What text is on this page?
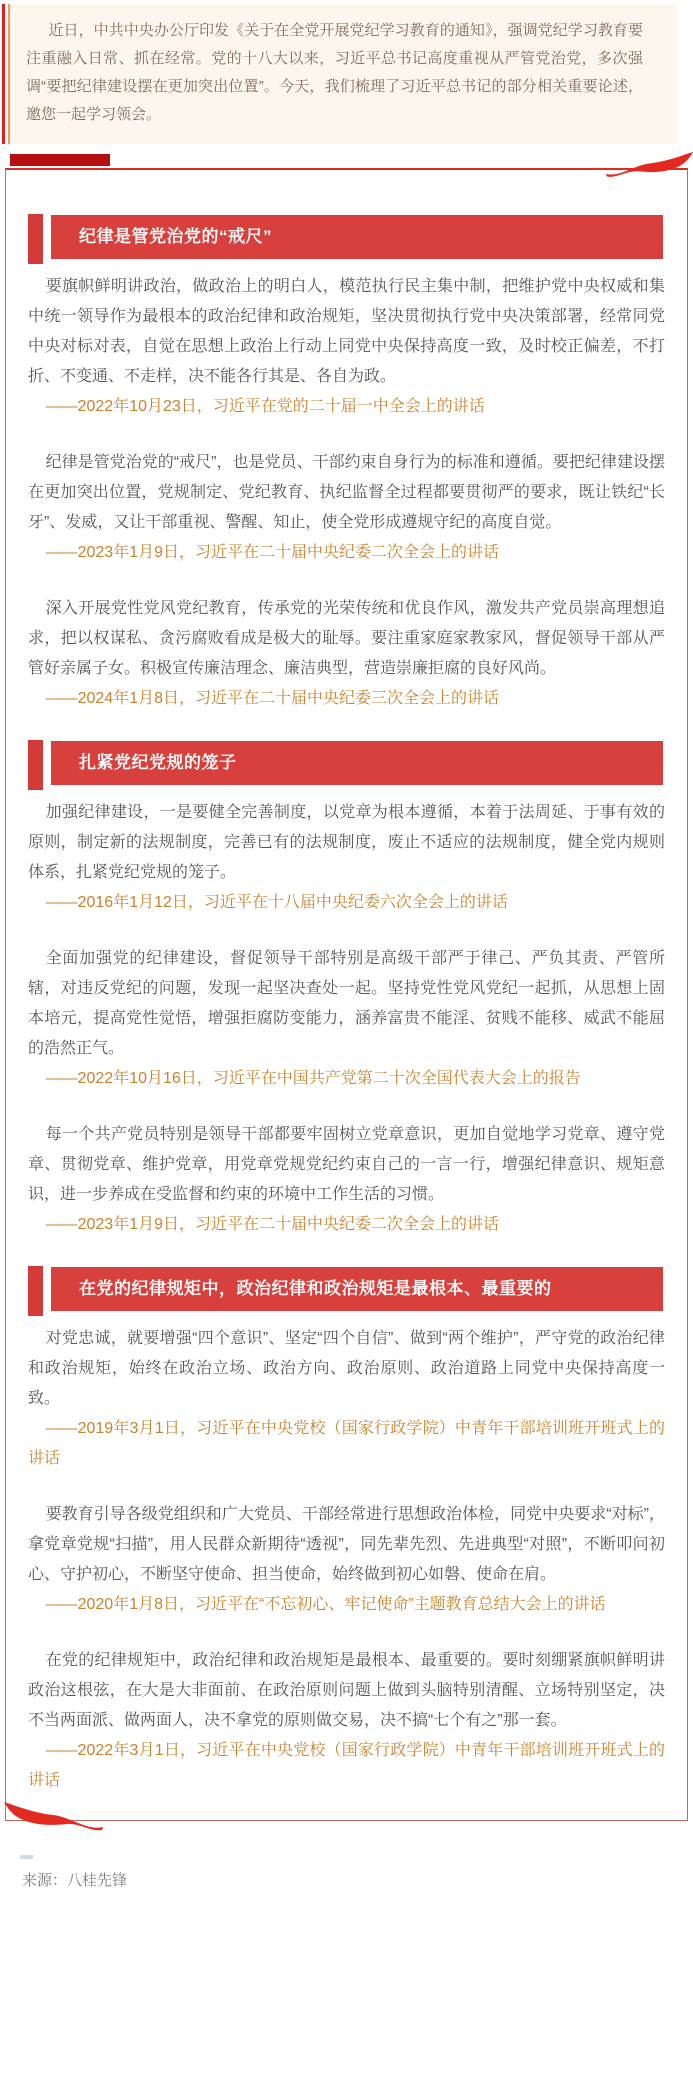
近日，中共中央办公厅印发《关于在全党开展党纪学习教育的通知》，强调党纪学习教育要注重融入日常、抓在经常。党的十八大以来，习近平总书记高度重视从严管党治党，多次强调“要把纪律建设摆在更加突出位置”。今天，我们梳理了习近平总书记的部分相关重要论述，邀您一起学习领会。

纪律是管党治党的“戒尺”

要旗帜鲜明讲政治，做政治上的明白人，模范执行民主集中制，把维护党中央权威和集中统一领导作为最根本的政治纪律和政治规矩，坚决贯彻执行党中央决策部署，经常同党中央对标对表，自觉在思想上政治上行动上同党中央保持高度一致，及时校正偏差，不打折、不变通、不走样，决不能各行其是、各自为政。

——2022年10月23日，习近平在党的二十届一中全会上的讲话

纪律是管党治党的“戒尺”，也是党员、干部约束自身行为的标准和遵循。要把纪律建设摆在更加突出位置，党规制定、党纪教育、执纪监督全过程都要贯彻严的要求，既让铁纪“长牙”、发威，又让干部重视、警醒、知止，使全党形成遵规守纪的高度自觉。

——2023年1月9日，习近平在二十届中央纪委二次全会上的讲话

深入开展党性党风党纪教育，传承党的光荣传统和优良作风，激发共产党员崇高理想追求，把以权谋私、贪污腐败看成是极大的耻辱。要注重家庭家教家风，督促领导干部从严管好亲属子女。积极宣传廉洁理念、廉洁典型，营造崇廉拒腐的良好风尚。

——2024年1月8日，习近平在二十届中央纪委三次全会上的讲话

扎紧党纪党规的笼子

加强纪律建设，一是要健全完善制度，以党章为根本遵循，本着于法周延、于事有效的原则，制定新的法规制度，完善已有的法规制度，废止不适应的法规制度，健全党内规则体系，扎紧党纪党规的笼子。

——2016年1月12日，习近平在十八届中央纪委六次全会上的讲话

全面加强党的纪律建设，督促领导干部特别是高级干部严于律己、严负其责、严管所辖，对违反党纪的问题，发现一起坚决查处一起。坚持党性党风党纪一起抓，从思想上固本培元，提高党性觉悟，增强拒腐防变能力，涵养富贵不能淫、贫贱不能移、威武不能屈的浩然正气。

——2022年10月16日，习近平在中国共产党第二十次全国代表大会上的报告

每一个共产党员特别是领导干部都要牢固树立党章意识，更加自觉地学习党章、遵守党章、贯彻党章、维护党章，用党章党规党纪约束自己的一言一行，增强纪律意识、规矩意识，进一步养成在受监督和约束的环境中工作生活的习惯。

——2023年1月9日，习近平在二十届中央纪委二次全会上的讲话

在党的纪律规矩中，政治纪律和政治规矩是最根本、最重要的

对党忠诚，就要增强“四个意识”、坚定“四个自信”、做到“两个维护”，严守党的政治纪律和政治规矩，始终在政治立场、政治方向、政治原则、政治道路上同党中央保持高度一致。

——2019年3月1日，习近平在中央党校（国家行政学院）中青年干部培训班开班式上的讲话

要教育引导各级党组织和广大党员、干部经常进行思想政治体检，同党中央要求“对标”，拿党章党规“扫描”，用人民群众新期待“透视”，同先辈先烈、先进典型“对照”，不断叩问初心、守护初心，不断坚守使命、担当使命，始终做到初心如磐、使命在肩。

——2020年1月8日，习近平在“不忘初心、牢记使命”主题教育总结大会上的讲话

在党的纪律规矩中，政治纪律和政治规矩是最根本、最重要的。要时刻绷紧旗帜鲜明讲政治这根弦，在大是大非面前、在政治原则问题上做到头脑特别清醒、立场特别坚定，决不当两面派、做两面人，决不拿党的原则做交易，决不搞“七个有之”那一套。

——2022年3月1日，习近平在中央党校（国家行政学院）中青年干部培训班开班式上的讲话

来源：八桂先锋
